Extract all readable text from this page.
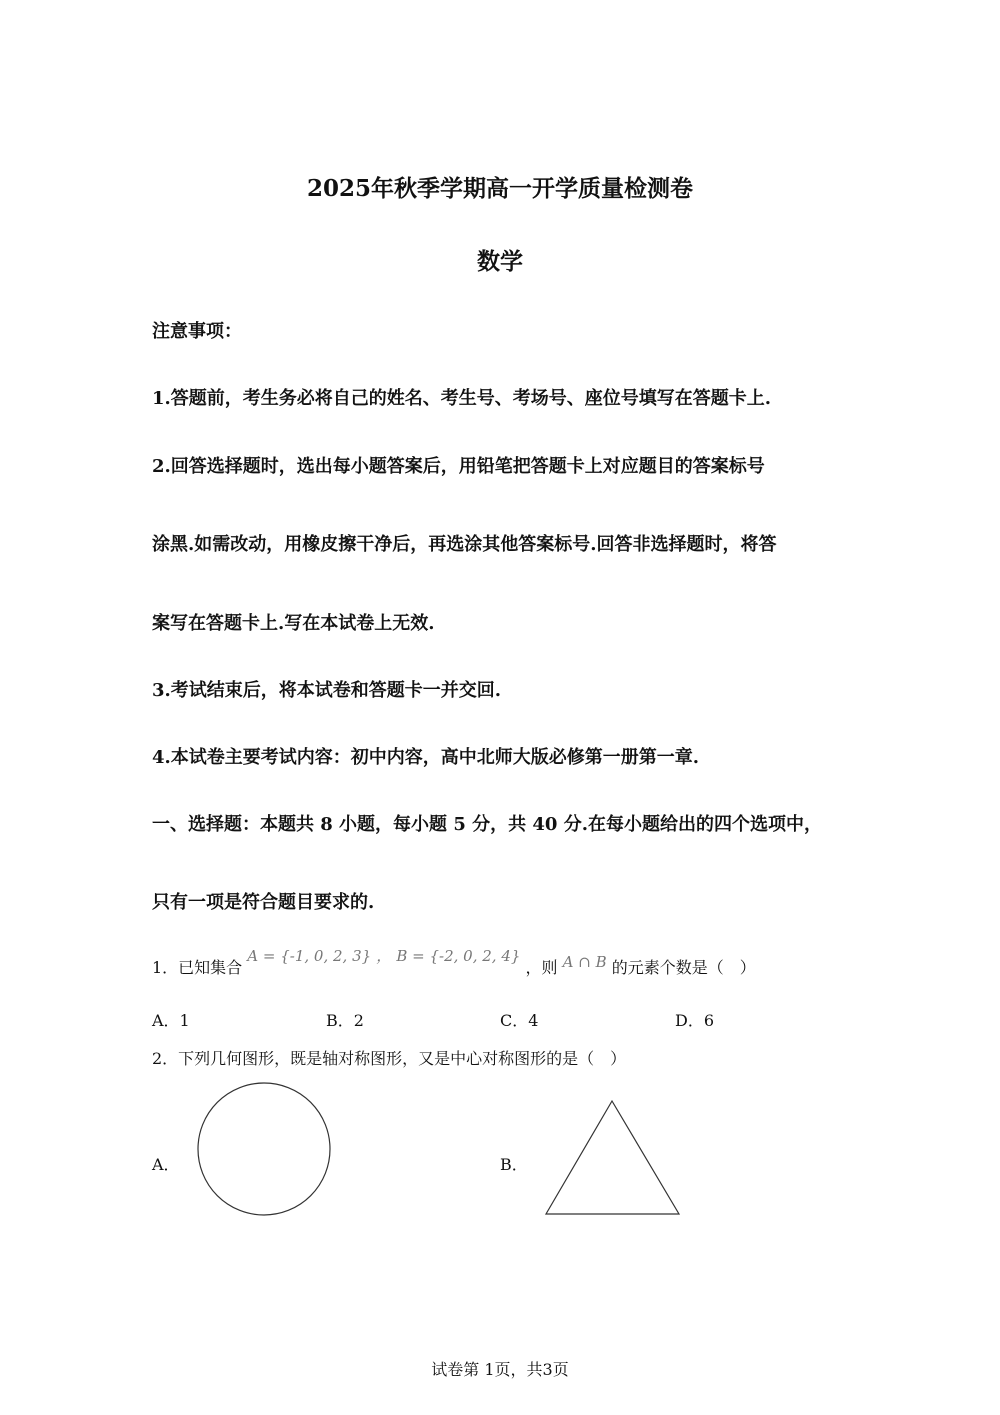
2025年秋季学期高一开学质量检测卷
数学
注意事项：
1.答题前，考生务必将自己的姓名、考生号、考场号、座位号填写在答题卡上.
2.回答选择题时，选出每小题答案后，用铅笔把答题卡上对应题目的答案标号
涂黑.如需改动，用橡皮擦干净后，再选涂其他答案标号.回答非选择题时，将答
案写在答题卡上.写在本试卷上无效.
3.考试结束后，将本试卷和答题卡一并交回.
4.本试卷主要考试内容：初中内容，高中北师大版必修第一册第一章.
一、选择题：本题共 8 小题，每小题 5 分，共 40 分.在每小题给出的四个选项中，
只有一项是符合题目要求的.
1．已知集合 A = {-1, 0, 2, 3} ， B = {-2, 0, 2, 4} ，则 A ∩ B 的元素个数是（　）
A．1	B．2	C．4	D．6
2．下列几何图形，既是轴对称图形，又是中心对称图形的是（　）
A．	B．
试卷第 1页，共3页
